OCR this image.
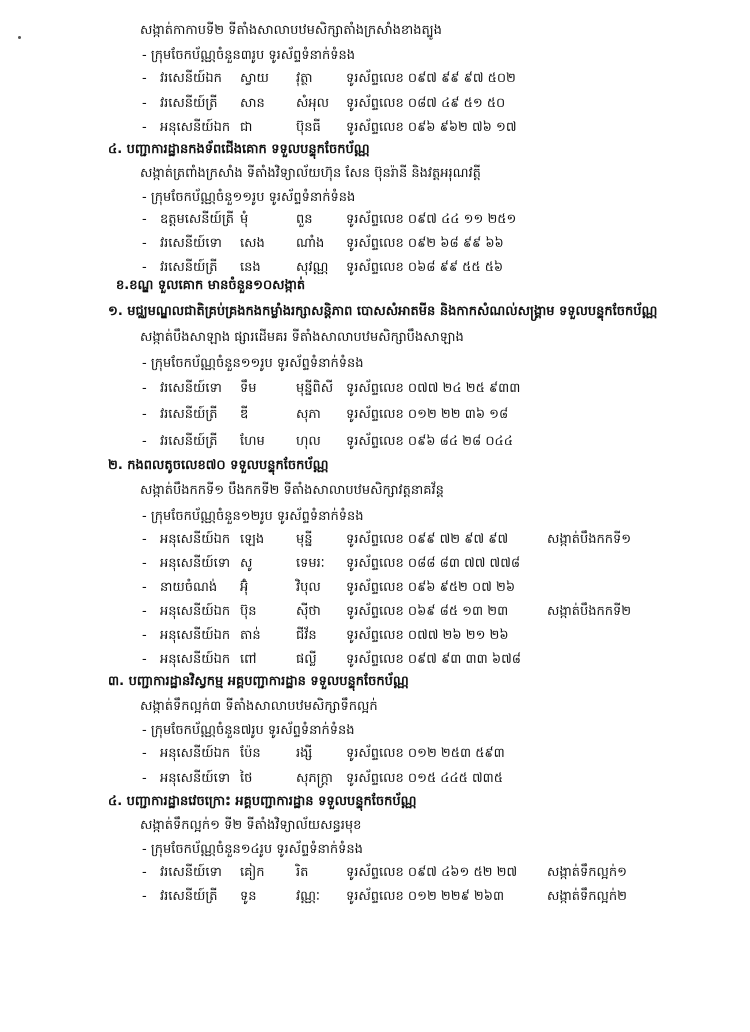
សង្កាត់កាកាបទី២ ទីតាំងសាលាបឋមសិក្សាតាំងក្រសាំងខាងត្បូង
- ក្រុមចែកប័ណ្ណចំនួន៣រូប ទូរស័ព្ទទំនាក់ទំនង
- វរសេនីយ៍ឯក ស្វាយ វុត្ថា	ទូរស័ព្ទលេខ ០៩៧ ៩៩ ៩៧ ៥០២
- វរសេនីយ៍ត្រី សាន សំអុល ទូរស័ព្ទលេខ ០៨៧ ៤៩ ៥១ ៥០
- អនុសេនីយ៍ឯក ជា	ប៊ុនធី ទូរស័ព្ទលេខ ០៩៦ ៩៦២ ៧៦ ១៧
៤. បញ្ជាការដ្ឋានកងទ័ពជើងគោក ទទួលបន្ទុកចែកប័ណ្ណ
សង្កាត់ត្រពាំងក្រសាំង ទីតាំងវិទ្យាល័យហ៊ុន សែន ប៊ុនរ៉ានី និងវត្តអរុណវត្តី
- ក្រុមចែកប័ណ្ណចំនួ១១រូប ទូរស័ព្ទទំនាក់ទំនង
- ឧត្តមសេនីយ៍ត្រី មុំ	ពួន	ទូរស័ព្ទលេខ ០៩៧ ៤៤ ១១ ២៥១
- វរសេនីយ៍ទោ សេង ណាំង ទូរស័ព្ទលេខ ០៩២ ៦៨ ៩៩ ៦៦
- វរសេនីយ៍ត្រី នេង	សុវណ្ណ ទូរស័ព្ទលេខ ០៦៨ ៩៩ ៥៥ ៥៦
ខ.ខណ្ឌ ទួលគោក មានចំនួន១០សង្កាត់
១. មជ្ឈមណ្ឌលជាតិគ្រប់គ្រងកងកម្លាំងរក្សាសន្តិភាព បោសសំអាតមីន និងកាកសំណល់សង្គ្រាម ទទួលបន្ទុកចែកប័ណ្ណ
សង្កាត់បឹងសាឡាង ផ្សារដើមគរ ទីតាំងសាលាបឋមសិក្សាបឹងសាឡាង
- ក្រុមចែកប័ណ្ណចំនួន១១រូប ទូរស័ព្ទទំនាក់ទំនង
- វរសេនីយ៍ទោ ទឹម	មុន្នីពិសី ទូរស័ព្ទលេខ ០៧៧ ២៤ ២៥ ៩៣៣
- វរសេនីយ៍ត្រី ឌី	សុភា ទូរស័ព្ទលេខ ០១២ ២២ ៣៦ ១៨
- វរសេនីយ៍ត្រី ហែម ហុល ទូរស័ព្ទលេខ ០៩៦ ៨៤ ២៨ ០៤៤
២. កងពលតូចលេខ៧០ ទទួលបន្ទុកចែកប័ណ្ណ
សង្កាត់បឹងកកទី១ បឹងកកទី២ ទីតាំងសាលាបឋមសិក្សាវត្តនាគវ័ន្ត
- ក្រុមចែកប័ណ្ណចំនួន១២រូប ទូរស័ព្ទទំនាក់ទំនង
- អនុសេនីយ៍ឯក ឡេង មុន្នី	ទូរស័ព្ទលេខ ០៩៩ ៧២ ៩៧ ៩៧	សង្កាត់បឹងកកទី១
- អនុសេនីយ៍ទោ សូ	ទេមរៈ ទូរស័ព្ទលេខ ០៨៨ ៨៣ ៧៧ ៧៧៨
- នាយចំណង់ អ៊ុំ	វិបុល ទូរស័ព្ទលេខ ០៩៦ ៩៥២ ០៧ ២៦
- អនុសេនីយ៍ឯក ប៊ុន	ស៊ីថា ទូរស័ព្ទលេខ ០៦៩ ៨៥ ១៣ ២៣	សង្កាត់បឹងកកទី២
- អនុសេនីយ៍ឯក តាន់	ជីវ័ន ទូរស័ព្ទលេខ ០៧៧ ២៦ ២១ ២៦
- អនុសេនីយ៍ឯក ពៅ	ផល្លី ទូរស័ព្ទលេខ ០៩៧ ៩៣ ៣៣ ៦៧៨
៣. បញ្ជាការដ្ឋានវិស្វកម្ម អគ្គបញ្ជាការដ្ឋាន ទទួលបន្ទុកចែកប័ណ្ណ
សង្កាត់ទឹកល្អក់៣ ទីតាំងសាលាបឋមសិក្សាទឹកល្អក់
- ក្រុមចែកប័ណ្ណចំនួន៧រូប ទូរស័ព្ទទំនាក់ទំនង
- អនុសេនីយ៍ឯក ប៉ែន	រង្សី	ទូរស័ព្ទលេខ ០១២ ២៥៣ ៥៩៣
- អនុសេនីយ៍ទោ ថៃ	សុភក្រ្តា ទូរស័ព្ទលេខ ០១៥ ៤៤៥ ៧៣៥
៤. បញ្ជាការដ្ឋានវេចក្រោះ អគ្គបញ្ជាការដ្ឋាន ទទួលបន្ទុកចែកប័ណ្ណ
សង្កាត់ទឹកល្អក់១ ទី២ ទីតាំងវិទ្យាល័យសន្ធរមុខ
- ក្រុមចែកប័ណ្ណចំនួន១៤រូប ទូរស័ព្ទទំនាក់ទំនង
- វរសេនីយ៍ទោ គៀក រិត	ទូរស័ព្ទលេខ ០៩៧ ៤៦១ ៥២ ២៧ សង្កាត់ទឹកល្អក់១
- វរសេនីយ៍ត្រី ទូន	វណ្ណៈ ទូរស័ព្ទលេខ ០១២ ២២៩ ២៦៣	សង្កាត់ទឹកល្អក់២
